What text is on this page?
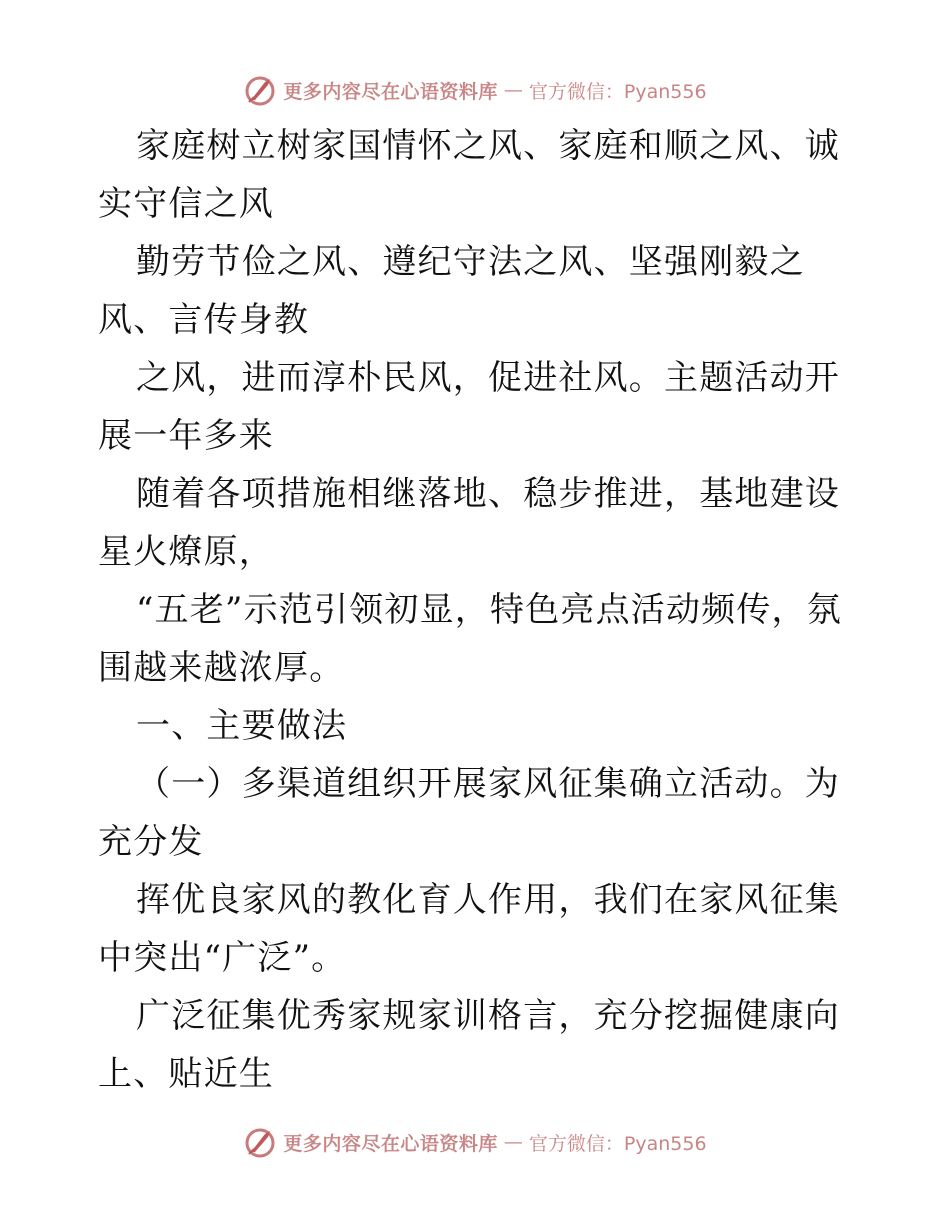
更多内容尽在心语资料库 — 官方微信：Pyan556

家庭树立树家国情怀之风、家庭和顺之风、诚实守信之风

勤劳节俭之风、遵纪守法之风、坚强刚毅之风、言传身教

之风，进而淳朴民风，促进社风。主题活动开展一年多来

随着各项措施相继落地、稳步推进，基地建设星火燎原，

“五老”示范引领初显，特色亮点活动频传，氛围越来越浓厚。

一、主要做法

（一）多渠道组织开展家风征集确立活动。为充分发

挥优良家风的教化育人作用，我们在家风征集中突出“广泛”。

广泛征集优秀家规家训格言，充分挖掘健康向上、贴近生

更多内容尽在心语资料库 — 官方微信：Pyan556
